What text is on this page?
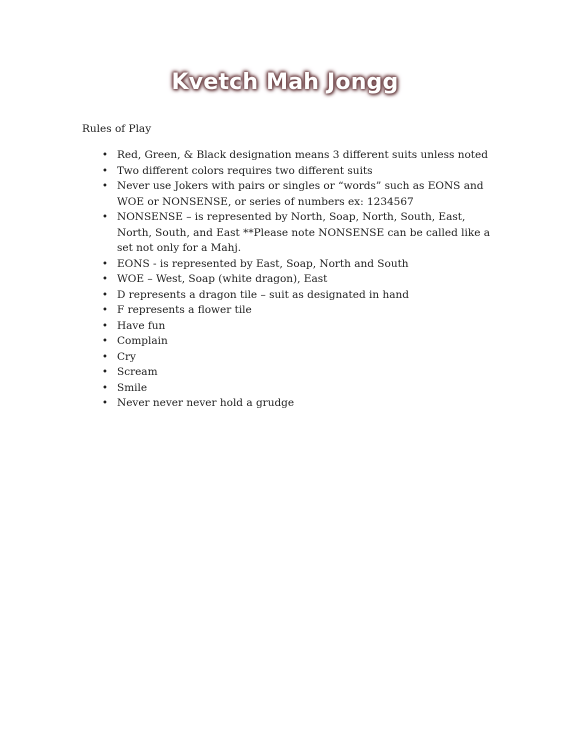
Kvetch Mah Jongg
Rules of Play
• Red, Green, & Black designation means 3 different suits unless noted
• Two different colors requires two different suits
• Never use Jokers with pairs or singles or “words” such as EONS and WOE or NONSENSE, or series of numbers ex: 1234567
• NONSENSE – is represented by North, Soap, North, South, East, North, South, and East **Please note NONSENSE can be called like a set not only for a Mahj.
• EONS - is represented by East, Soap, North and South
• WOE – West, Soap (white dragon), East
• D represents a dragon tile – suit as designated in hand
• F represents a flower tile
• Have fun
• Complain
• Cry
• Scream
• Smile
• Never never never hold a grudge
